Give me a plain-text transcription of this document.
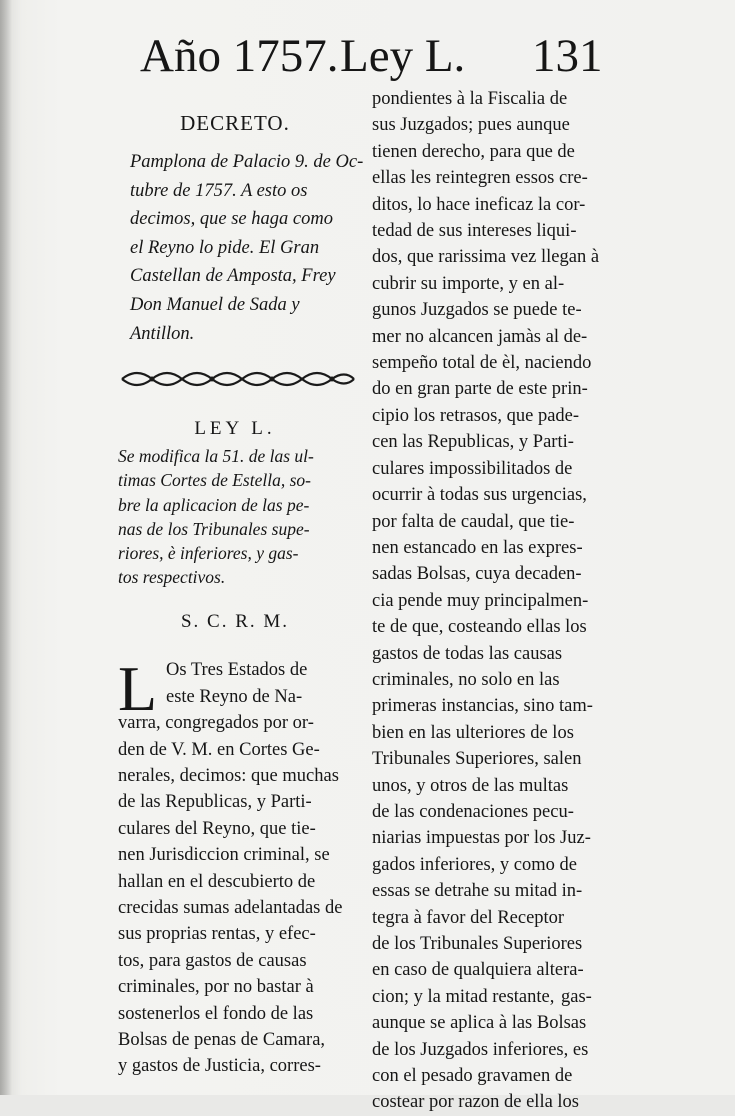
Año 1757. Ley L. 131
DECRETO.
Pamplona de Palacio 9. de Oc-
tubre de 1757. A esto os
decimos, que se haga como
el Reyno lo pide. El Gran
Castellan de Amposta, Frey
Don Manuel de Sada y
Antillon.
LEY L.
Se modifica la 51. de las ul-
timas Cortes de Estella, so-
bre la aplicacion de las pe-
nas de los Tribunales supe-
riores, è inferiores, y gas-
tos respectivos.
S. C. R. M.
L Os Tres Estados de
este Reyno de Na-
varra, congregados por or-
den de V. M. en Cortes Ge-
nerales, decimos: que muchas
de las Republicas, y Parti-
culares del Reyno, que tie-
nen Jurisdiccion criminal, se
hallan en el descubierto de
crecidas sumas adelantadas de
sus proprias rentas, y efec-
tos, para gastos de causas
criminales, por no bastar à
sostenerlos el fondo de las
Bolsas de penas de Camara,
y gastos de Justicia, corres-
pondientes à la Fiscalia de
sus Juzgados; pues aunque
tienen derecho, para que de
ellas les reintegren essos cre-
ditos, lo hace ineficaz la cor-
tedad de sus intereses liqui-
dos, que rarissima vez llegan à
cubrir su importe, y en al-
gunos Juzgados se puede te-
mer no alcancen jamàs al de-
sempeño total de èl, naciendo
do en gran parte de este prin-
cipio los retrasos, que pade-
cen las Republicas, y Parti-
culares impossibilitados de
ocurrir à todas sus urgencias,
por falta de caudal, que tie-
nen estancado en las expres-
sadas Bolsas, cuya decaden-
cia pende muy principalmen-
te de que, costeando ellas los
gastos de todas las causas
criminales, no solo en las
primeras instancias, sino tam-
bien en las ulteriores de los
Tribunales Superiores, salen
unos, y otros de las multas
de las condenaciones pecu-
niarias impuestas por los Juz-
gados inferiores, y como de
essas se detrahe su mitad in-
tegra à favor del Receptor
de los Tribunales Superiores
en caso de qualquiera altera-
cion; y la mitad restante,
aunque se aplica à las Bolsas
de los Juzgados inferiores, es
con el pesado gravamen de
costear por razon de ella los
gas-
